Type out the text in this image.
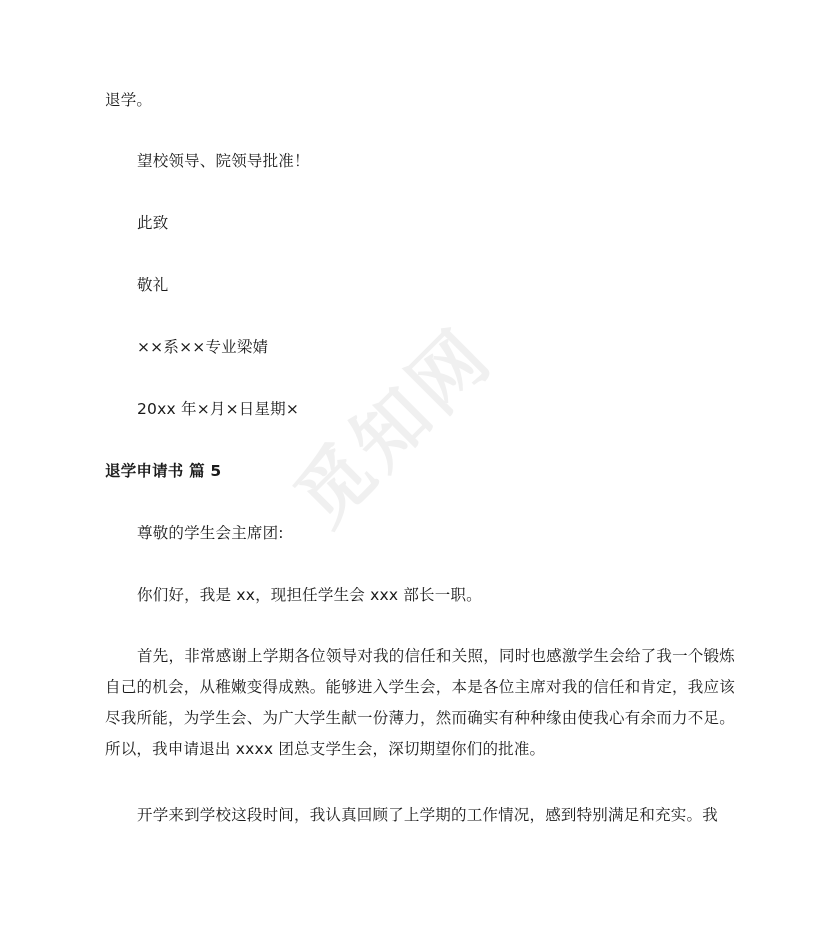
觅知网
退学。
望校领导、院领导批准！
此致
敬礼
××系××专业梁婧
20xx 年×月×日星期×
退学申请书 篇 5
尊敬的学生会主席团:
你们好，我是 xx，现担任学生会 xxx 部长一职。
首先，非常感谢上学期各位领导对我的信任和关照，同时也感激学生会给了我一个锻炼自己的机会，从稚嫩变得成熟。能够进入学生会，本是各位主席对我的信任和肯定，我应该尽我所能，为学生会、为广大学生献一份薄力，然而确实有种种缘由使我心有余而力不足。所以，我申请退出 xxxx 团总支学生会，深切期望你们的批准。
开学来到学校这段时间，我认真回顾了上学期的工作情况，感到特别满足和充实。我
